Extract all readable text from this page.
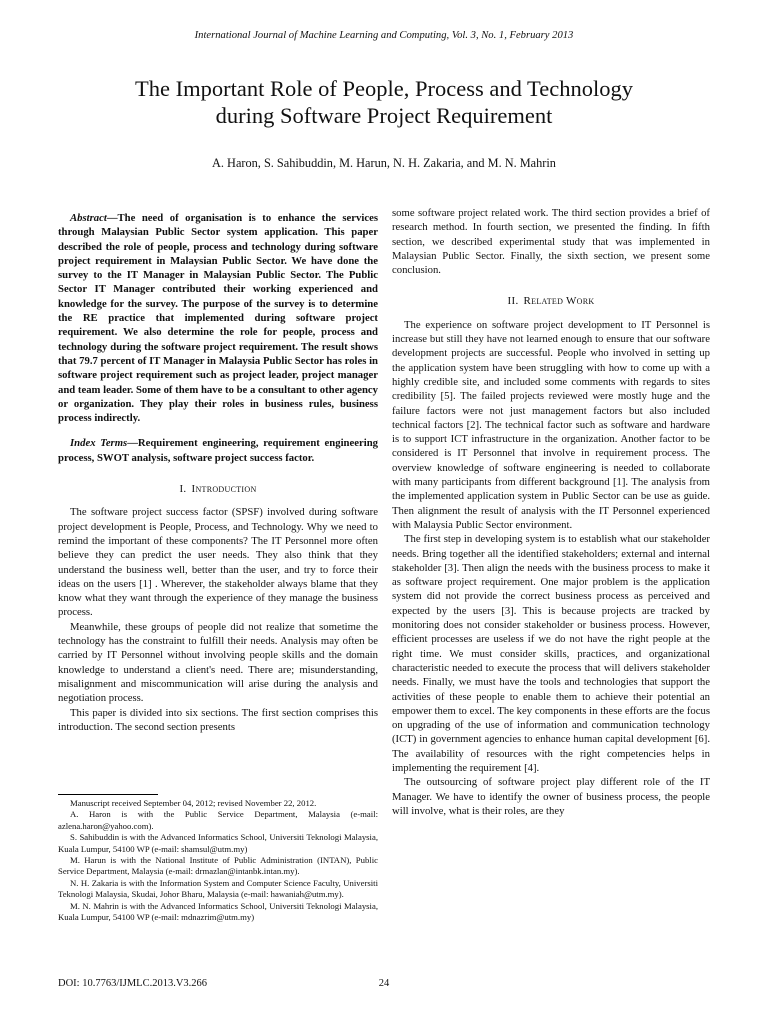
International Journal of Machine Learning and Computing, Vol. 3, No. 1, February 2013
The Important Role of People, Process and Technology
during Software Project Requirement
A. Haron, S. Sahibuddin, M. Harun, N. H. Zakaria, and M. N. Mahrin

Abstract—The need of organisation is to enhance the services through Malaysian Public Sector system application. This paper described the role of people, process and technology during software project requirement in Malaysian Public Sector. We have done the survey to the IT Manager in Malaysian Public Sector. The Public Sector IT Manager contributed their working experienced and knowledge for the survey. The purpose of the survey is to determine the RE practice that implemented during software project requirement. We also determine the role for people, process and technology during the software project requirement. The result shows that 79.7 percent of IT Manager in Malaysia Public Sector has roles in software project requirement such as project leader, project manager and team leader. Some of them have to be a consultant to other agency or organization. They play their roles in business rules, business process indirectly.

Index Terms—Requirement engineering, requirement engineering process, SWOT analysis, software project success factor.

I. Introduction

The software project success factor (SPSF) involved during software project development is People, Process, and Technology. Why we need to remind the important of these components? The IT Personnel more often believe they can predict the user needs. They also think that they understand the business well, better than the user, and try to force their ideas on the users [1] . Wherever, the stakeholder always blame that they know what they want through the experience of they manage the business process.

Meanwhile, these groups of people did not realize that sometime the technology has the constraint to fulfill their needs. Analysis may often be carried by IT Personnel without involving people skills and the domain knowledge to understand a client's need. There are; misunderstanding, misalignment and miscommunication will arise during the analysis and negotiation process.

This paper is divided into six sections. The first section comprises this introduction. The second section presents

Manuscript received September 04, 2012; revised November 22, 2012.

A. Haron is with the Public Service Department, Malaysia (e-mail: azlena.haron@yahoo.com).

S. Sahibuddin is with the Advanced Informatics School, Universiti Teknologi Malaysia, Kuala Lumpur, 54100 WP (e-mail: shamsul@utm.my)

M. Harun is with the National Institute of Public Administration (INTAN), Public Service Department, Malaysia (e-mail: drmazlan@intanbk.intan.my).

N. H. Zakaria is with the Information System and Computer Science Faculty, Universiti Teknologi Malaysia, Skudai, Johor Bharu, Malaysia (e-mail: hawaniah@utm.my).

M. N. Mahrin is with the Advanced Informatics School, Universiti Teknologi Malaysia, Kuala Lumpur, 54100 WP (e-mail: mdnazrim@utm.my)

some software project related work. The third section provides a brief of research method. In fourth section, we presented the finding. In fifth section, we described experimental study that was implemented in Malaysian Public Sector. Finally, the sixth section, we present some conclusion.

II. Related Work

The experience on software project development to IT Personnel is increase but still they have not learned enough to ensure that our software development projects are successful. People who involved in setting up the application system have been struggling with how to come up with a highly credible site, and included some comments with regards to sites credibility [5]. The failed projects reviewed were mostly huge and the failure factors were not just management factors but also included technical factors [2]. The technical factor such as software and hardware is to support ICT infrastructure in the organization. Another factor to be considered is IT Personnel that involve in requirement process. The overview knowledge of software engineering is needed to collaborate with many participants from different background [1]. The analysis from the implemented application system in Public Sector can be use as guide. Then alignment the result of analysis with the IT Personnel experienced with Malaysia Public Sector environment.

The first step in developing system is to establish what our stakeholder needs. Bring together all the identified stakeholders; external and internal stakeholder [3]. Then align the needs with the business process to make it as software project requirement. One major problem is the application system did not provide the correct business process as perceived and expected by the users [3]. This is because projects are tracked by monitoring does not consider stakeholder or business process. However, efficient processes are useless if we do not have the right people at the right time. We must consider skills, practices, and organizational characteristic needed to execute the process that will delivers stakeholder needs. Finally, we must have the tools and technologies that support the activities of these people to enable them to achieve their potential an empower them to excel. The key components in these efforts are the focus on upgrading of the use of information and communication technology (ICT) in government agencies to enhance human capital development [6]. The availability of resources with the right competencies helps in implementing the requirement [4].

The outsourcing of software project play different role of the IT Manager. We have to identify the owner of business process, the people will involve, what is their roles, are they

DOI: 10.7763/IJMLC.2013.V3.266	24
